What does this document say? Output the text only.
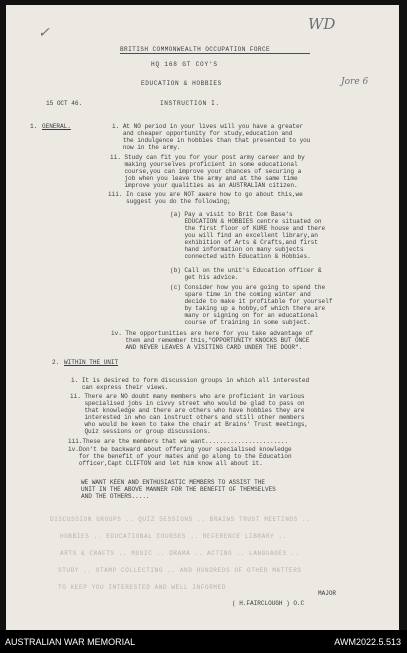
✓	WD
Jore 6
BRITISH COMMONWEALTH OCCUPATION FORCE
HQ 168 GT COY'S
EDUCATION & HOBBIES
15 OCT 46.	INSTRUCTION I.
1. GENERAL.	i. At NO period in your lives will you have a greater
and cheaper opportunity for study,education and
the indulgence in hobbies than that presented to you
now in the army.
ii. Study can fit you for your post army career and by
making yourselves proficient in some educational
course,you can improve your chances of securing a
job when you leave the army and at the same time
improve your qualities as an AUSTRALIAN citizen.
iii. In case you are NOT aware how to go about this,we
suggest you do the following;
(a) Pay a visit to Brit Com Base's
EDUCATION & HOBBIES centre situated on
the first floor of KURE house and there
you will find an excellent library,an
exhibition of Arts & Crafts,and first
hand information on many subjects
connected with Education & Hobbies.
(b) Call on the unit's Education officer &
get his advice.
(c) Consider how you are going to spend the
spare time in the coming winter and
decide to make it profitable for yourself
by taking up a hobby,of which there are
many or signing on for an educational
course of training in some subject.
iv. The opportunities are here for you take advantage of
them and remember this,"OPPORTUNITY KNOCKS BUT ONCE
AND NEVER LEAVES A VISITING CARD UNDER THE DOOR".
2. WITHIN THE UNIT
i. It is desired to form discussion groups in which all interested
can express their views.
ii. There are NO doubt many members who are proficient in various
specialised jobs in civvy street who would be glad to pass on
that knowledge and there are others who have hobbies they are
interested in who can instruct others and still other members
who would be keen to take the chair at Brains' Trust meetings,
Quiz sessions or group discussions.
iii.These are the members that we want.......................
iv.Don't be backward about offering your specialised knowledge
for the benefit of your mates and go along to the Education
officer,Capt CLIFTON and let him know all about it.
WE WANT KEEN AND ENTHUSIASTIC MEMBERS TO ASSIST THE
UNIT IN THE ABOVE MANNER FOR THE BENEFIT OF THEMSELVES
AND THE OTHERS.....
DISCUSSION GROUPS .. QUIZ SESSIONS .. BRAINS TRUST MEETINGS ..
HOBBIES .. EDUCATIONAL COURSES .. REFERENCE LIBRARY ..
ARTS & CRAFTS .. MUSIC .. DRAMA .. ACTING .. LANGUAGES ..
STUDY .. STAMP COLLECTING .. AND HUNDREDS OF OTHER MATTERS
TO KEEP YOU INTERESTED AND WELL INFORMED
MAJOR
( H.FAIRCLOUGH ) O.C
AUSTRALIAN WAR MEMORIAL	AWM2022.5.513
